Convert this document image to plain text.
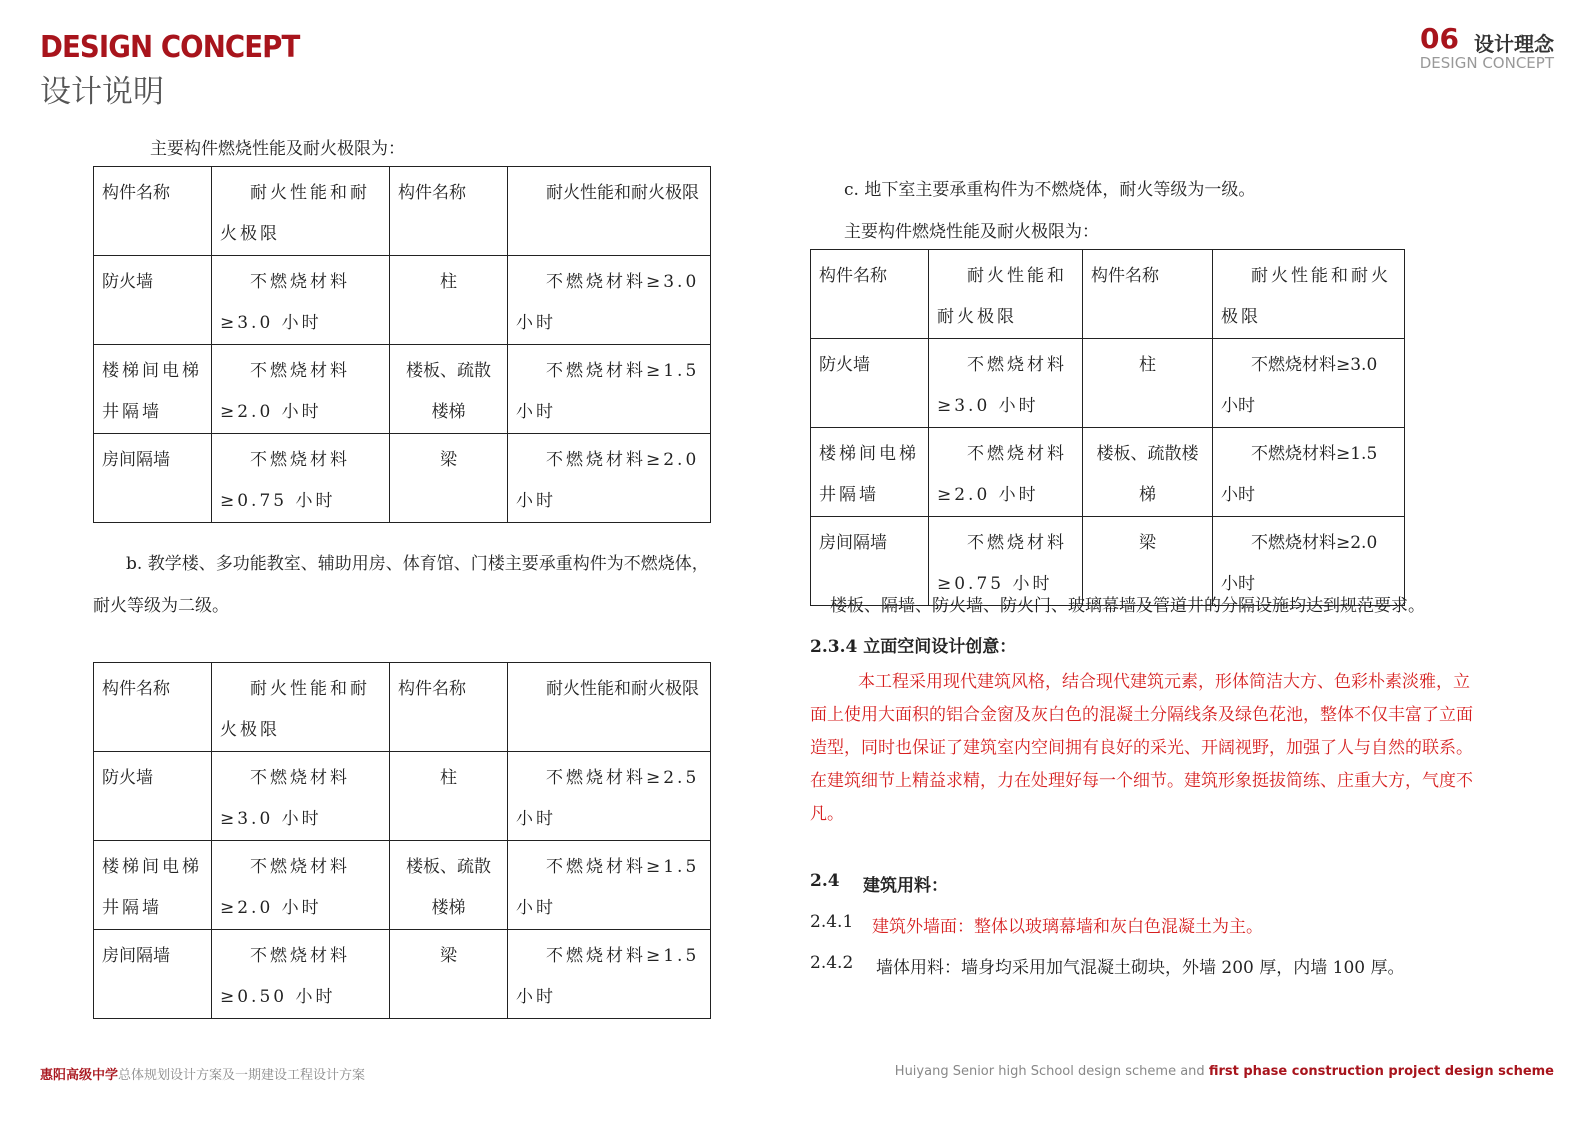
DESIGN CONCEPT
设计说明
06 设计理念
DESIGN CONCEPT
主要构件燃烧性能及耐火极限为：
构件名称	耐火性能和耐火极限	构件名称	耐火性能和耐火极限
防火墙	不燃烧材料≥3.0 小时	柱	不燃烧材料≥3.0 小时
楼梯间电梯井隔墙	不燃烧材料≥2.0 小时	楼板、疏散楼梯	不燃烧材料≥1.5 小时
房间隔墙	不燃烧材料≥0.75 小时	梁	不燃烧材料≥2.0 小时
b. 教学楼、多功能教室、辅助用房、体育馆、门楼主要承重构件为不燃烧体，
耐火等级为二级。
构件名称	耐火性能和耐火极限	构件名称	耐火性能和耐火极限
防火墙	不燃烧材料≥3.0 小时	柱	不燃烧材料≥2.5 小时
楼梯间电梯井隔墙	不燃烧材料≥2.0 小时	楼板、疏散楼梯	不燃烧材料≥1.5 小时
房间隔墙	不燃烧材料≥0.50 小时	梁	不燃烧材料≥1.5 小时
c. 地下室主要承重构件为不燃烧体，耐火等级为一级。
主要构件燃烧性能及耐火极限为：
构件名称	耐火性能和耐火极限	构件名称	耐火性能和耐火极限
防火墙	不燃烧材料≥3.0 小时	柱	不燃烧材料≥3.0 小时
楼梯间电梯井隔墙	不燃烧材料≥2.0 小时	楼板、疏散楼梯	不燃烧材料≥1.5 小时
房间隔墙	不燃烧材料≥0.75 小时	梁	不燃烧材料≥2.0 小时
楼板、隔墙、防火墙、防火门、玻璃幕墙及管道井的分隔设施均达到规范要求。
2.3.4 立面空间设计创意：
本工程采用现代建筑风格，结合现代建筑元素，形体简洁大方、色彩朴素淡雅，立面上使用大面积的铝合金窗及灰白色的混凝土分隔线条及绿色花池，整体不仅丰富了立面造型，同时也保证了建筑室内空间拥有良好的采光、开阔视野，加强了人与自然的联系。在建筑细节上精益求精，力在处理好每一个细节。建筑形象挺拔简练、庄重大方，气度不凡。
2.4 建筑用料：
2.4.1 建筑外墙面：整体以玻璃幕墙和灰白色混凝土为主。
2.4.2 墙体用料：墙身均采用加气混凝土砌块，外墙 200 厚，内墙 100 厚。
惠阳高级中学总体规划设计方案及一期建设工程设计方案	Huiyang Senior high School design scheme and first phase construction project design scheme
